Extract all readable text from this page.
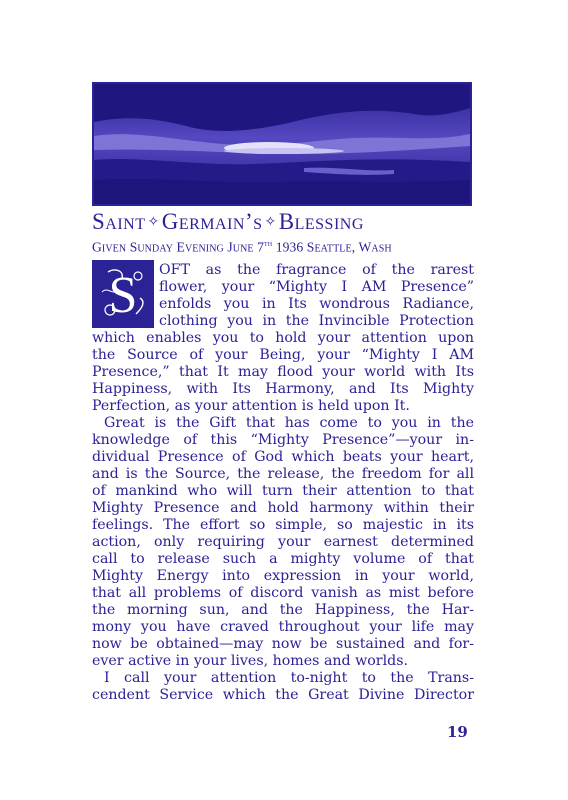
Saint ✧Germain’s ✧Blessing
Given Sunday Evening June 7th 1936 Seattle, Wash
S OFT as the fragrance of the rarest
flower, your “Mighty I AM Presence”
enfolds you in Its wondrous Radiance,
clothing you in the Invincible Protection
which enables you to hold your attention upon
the Source of your Being, your “Mighty I AM
Presence,” that It may flood your world with Its
Happiness, with Its Harmony, and Its Mighty
Perfection, as your attention is held upon It.
Great is the Gift that has come to you in the
knowledge of this “Mighty Presence”—your in-
dividual Presence of God which beats your heart,
and is the Source, the release, the freedom for all
of mankind who will turn their attention to that
Mighty Presence and hold harmony within their
feelings. The effort so simple, so majestic in its
action, only requiring your earnest determined
call to release such a mighty volume of that
Mighty Energy into expression in your world,
that all problems of discord vanish as mist before
the morning sun, and the Happiness, the Har-
mony you have craved throughout your life may
now be obtained—may now be sustained and for-
ever active in your lives, homes and worlds.
I call your attention to-night to the Trans-
cendent Service which the Great Divine Director
19
